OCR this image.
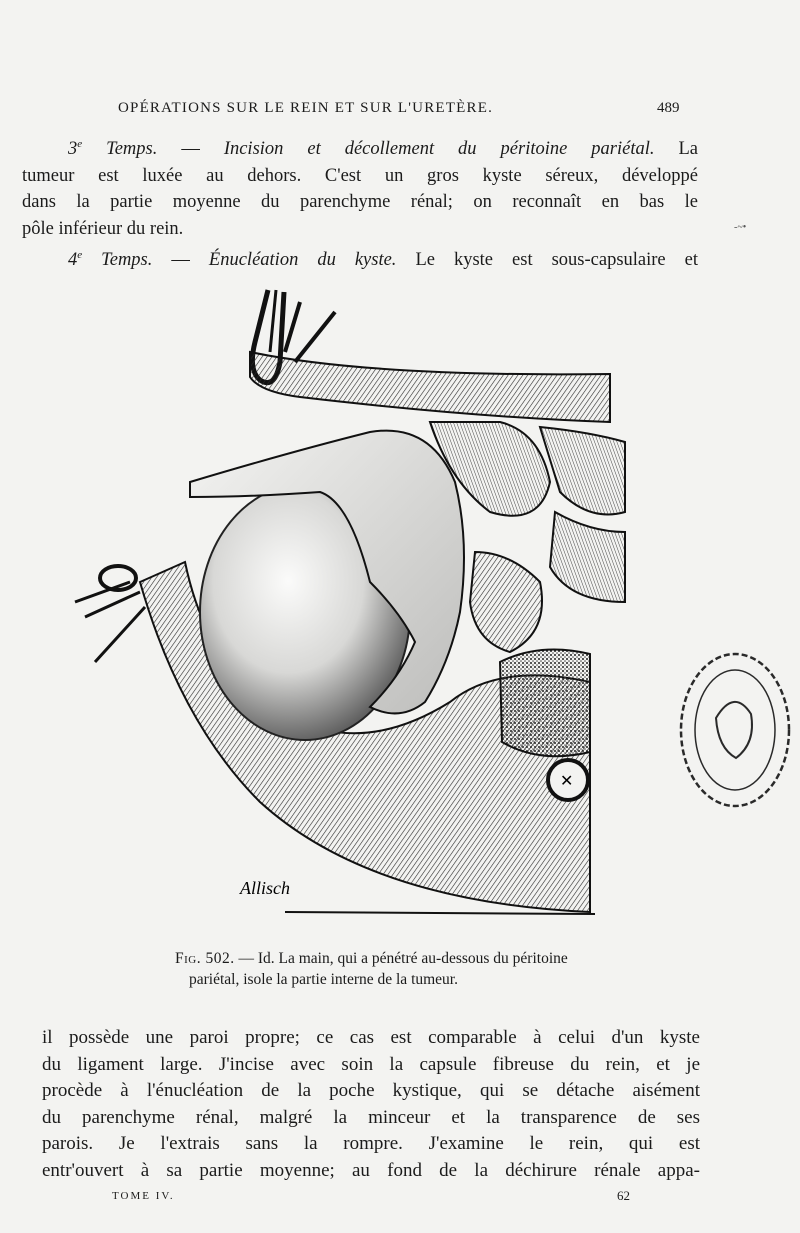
OPÉRATIONS SUR LE REIN ET SUR L'URETÈRE.	489
-~•
3e Temps. — Incision et décollement du péritoine pariétal. La
tumeur est luxée au dehors. C'est un gros kyste séreux, développé
dans la partie moyenne du parenchyme rénal; on reconnaît en bas le
pôle inférieur du rein.
4e Temps. — Énucléation du kyste. Le kyste est sous-capsulaire et
✕
Allisch
Fig. 502. — Id. La main, qui a pénétré au-dessous du péritoine
pariétal, isole la partie interne de la tumeur.
il possède une paroi propre; ce cas est comparable à celui d'un kyste
du ligament large. J'incise avec soin la capsule fibreuse du rein, et je
procède à l'énucléation de la poche kystique, qui se détache aisément
du parenchyme rénal, malgré la minceur et la transparence de ses
parois. Je l'extrais sans la rompre. J'examine le rein, qui est
entr'ouvert à sa partie moyenne; au fond de la déchirure rénale appa-
TOME IV.	62
